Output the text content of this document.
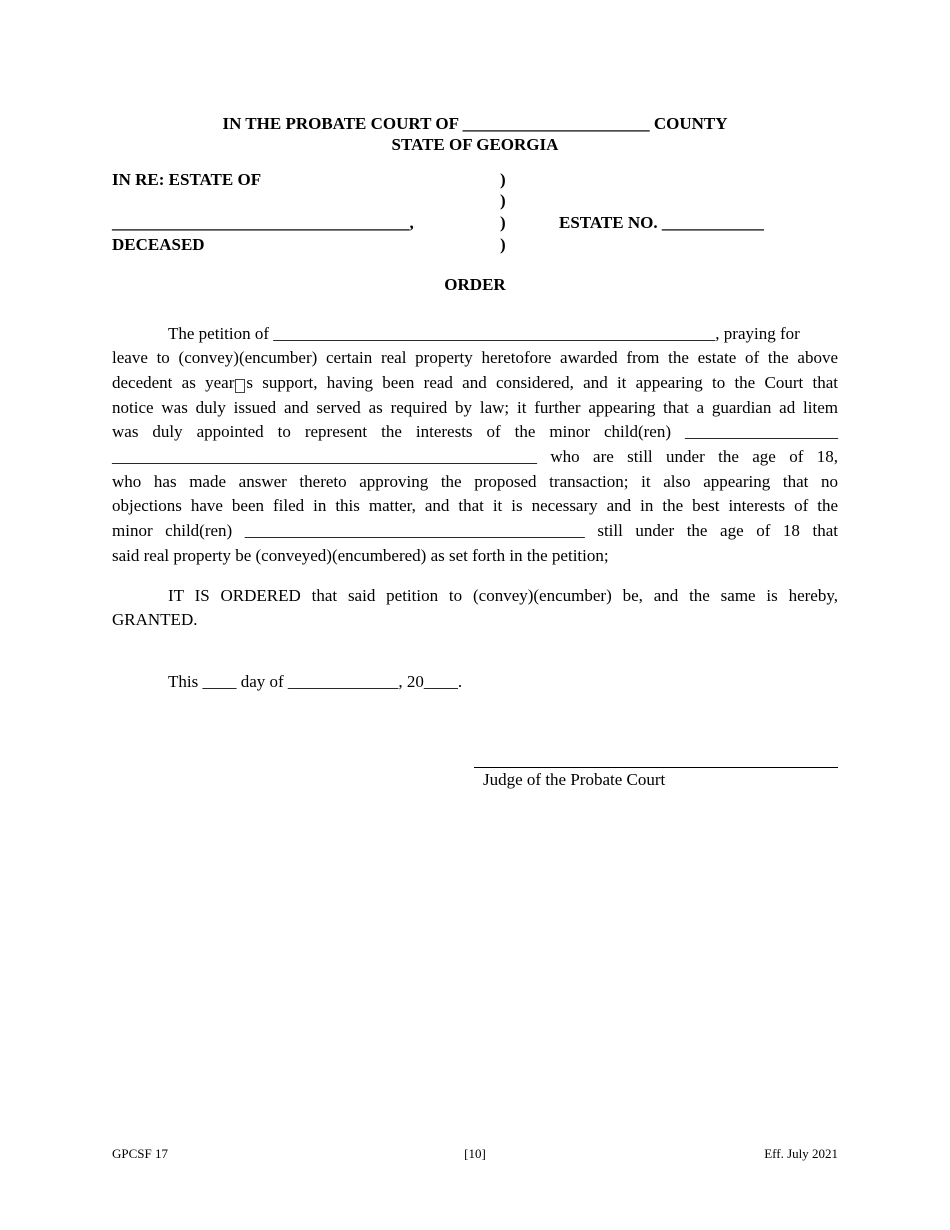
IN THE PROBATE COURT OF ______________________ COUNTY
STATE OF GEORGIA
IN RE: ESTATE OF	)
)
___________________________________,	)	ESTATE NO. ____________
DECEASED	)
ORDER
The petition of ____________________________________________________, praying for
leave to (convey)(encumber) certain real property heretofore awarded from the estate of the above
decedent as year s support, having been read and considered, and it appearing to the Court that
notice was duly issued and served as required by law; it further appearing that a guardian ad litem
was duly appointed to represent the interests of the minor child(ren) __________________
__________________________________________________ who are still under the age of 18,
who has made answer thereto approving the proposed transaction; it also appearing that no
objections have been filed in this matter, and that it is necessary and in the best interests of the
minor child(ren) ________________________________________ still under the age of 18 that
said real property be (conveyed)(encumbered) as set forth in the petition;
IT IS ORDERED that said petition to (convey)(encumber) be, and the same is hereby,
GRANTED.
This ____ day of _____________, 20____.
Judge of the Probate Court
GPCSF 17	[10]	Eff. July 2021
